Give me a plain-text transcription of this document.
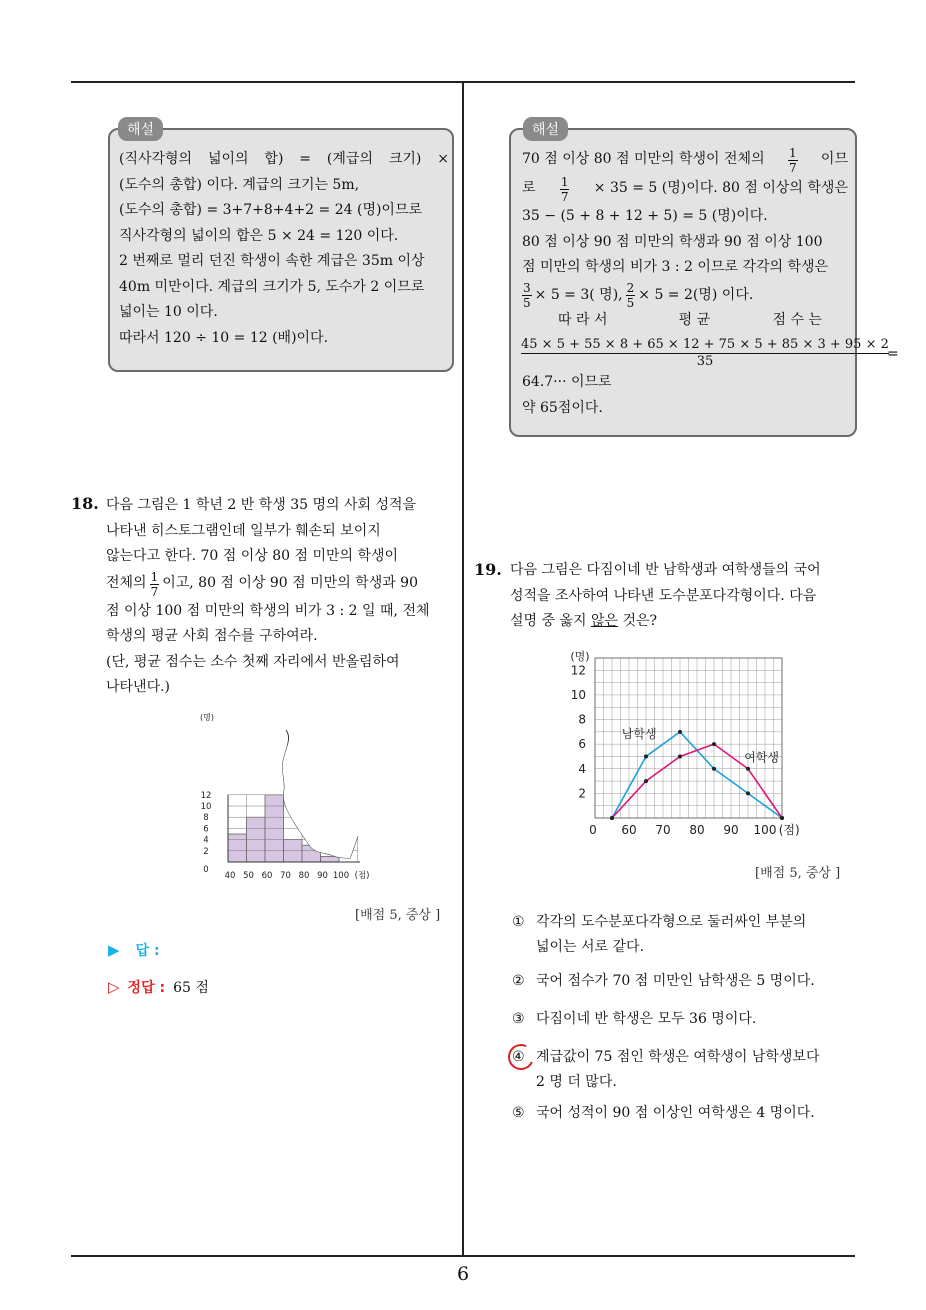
6
(직사각형의 넓이의 합) = (계급의 크기) ×
(도수의 총합) 이다. 계급의 크기는 5m,
(도수의 총합) = 3+7+8+4+2 = 24 (명)이므로
직사각형의 넓이의 합은 5 × 24 = 120 이다.
2 번째로 멀리 던진 학생이 속한 계급은 35m 이상
40m 미만이다. 계급의 크기가 5, 도수가 2 이므로
넓이는 10 이다.
따라서 120 ÷ 10 = 12 (배)이다.
해설	해설
70 점 이상 80 점 미만의 학생이 전체의 $\frac{1}{7}$ 이므
로 $\frac{1}{7} \times 35 = 5$ (명)이다. 80 점 이상의 학생은
35 − (5 + 8 + 12 + 5) = 5 (명)이다.
80 점 이상 90 점 미만의 학생과 90 점 이상 100
점 미만의 학생의 비가 3 : 2 이므로 각각의 학생은
$\frac{3}{5} \times 5 = 3$( 명), $\frac{2}{5} \times 5 = 2$(명) 이다.
따 라 서                평 균              점 수 는
$\frac{45 \times 5 + 55 \times 8 + 65 \times 12 + 75 \times 5 + 85 \times 3 + 95 \times 2}{35}$
=
64.7··· 이므로
약 65점이다.
18. 다음 그림은 1 학년 2 반 학생 35 명의 사회 성적을
나타낸 히스토그램인데 일부가 훼손되 보이지
않는다고 한다. 70 점 이상 80 점 미만의 학생이
전체의 $\frac{1}{7}$ 이고, 80 점 이상 90 점 미만의 학생과 90
점 이상 100 점 미만의 학생의 비가 3 : 2 일 때, 전체
학생의 평균 사회 점수를 구하여라.
(단, 평균 점수는 소수 첫째 자리에서 반올림하여
나타낸다.)
(명)
12
10
8
6
4
2
0
40 50 60 70 80 90 100 (점)
[배점 5, 중상 ]
▶ 답 :
▷ 정답 : 65 점
19. 다음 그림은 다짐이네 반 남학생과 여학생들의 국어
성적을 조사하여 나타낸 도수분포다각형이다. 다음
설명 중 옳지 않은 것은?
남학생
여학생
(명)
12
10
8
6
4
2
0 60 70 80 90 100 (점)
[배점 5, 중상 ]
① 각각의 도수분포다각형으로 둘러싸인 부분의
넓이는 서로 같다.
② 국어 점수가 70 점 미만인 남학생은 5 명이다.
③ 다짐이네 반 학생은 모두 36 명이다.
④ 계급값이 75 점인 학생은 여학생이 남학생보다
2 명 더 많다.
⑤ 국어 성적이 90 점 이상인 여학생은 4 명이다.
